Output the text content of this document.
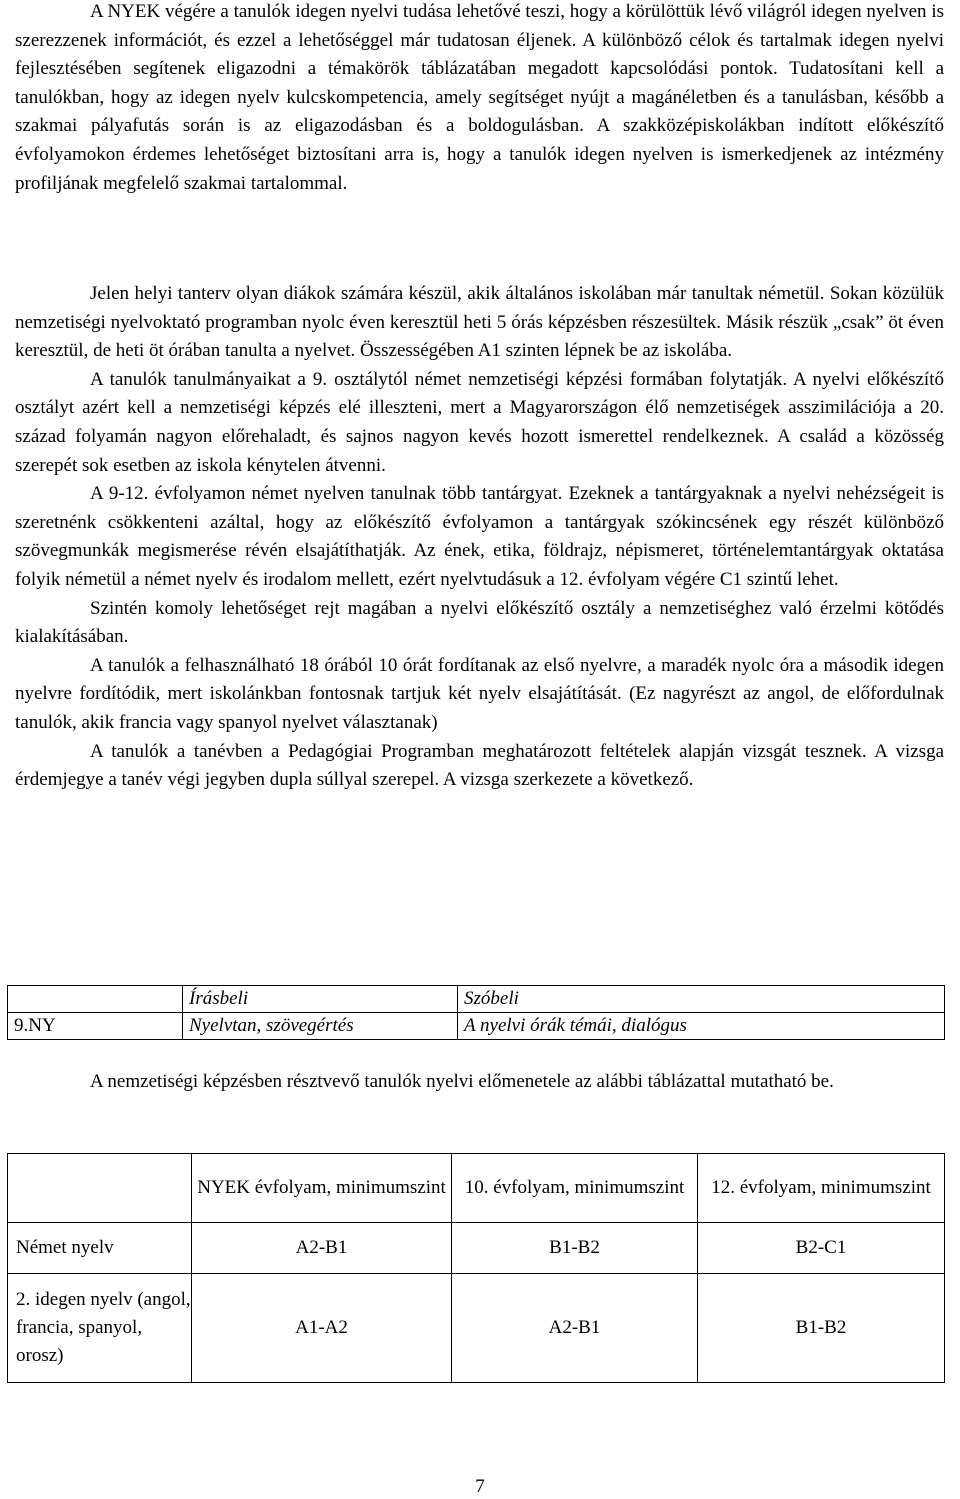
A NYEK végére a tanulók idegen nyelvi tudása lehetővé teszi, hogy a körülöttük lévő világról idegen nyelven is szerezzenek információt, és ezzel a lehetőséggel már tudatosan éljenek. A különböző célok és tartalmak idegen nyelvi fejlesztésében segítenek eligazodni a témakörök táblázatában megadott kapcsolódási pontok. Tudatosítani kell a tanulókban, hogy az idegen nyelv kulcskompetencia, amely segítséget nyújt a magánéletben és a tanulásban, később a szakmai pályafutás során is az eligazodásban és a boldogulásban. A szakközépiskolákban indított előkészítő évfolyamokon érdemes lehetőséget biztosítani arra is, hogy a tanulók idegen nyelven is ismerkedjenek az intézmény profiljának megfelelő szakmai tartalommal.

Jelen helyi tanterv olyan diákok számára készül, akik általános iskolában már tanultak németül. Sokan közülük nemzetiségi nyelvoktató programban nyolc éven keresztül heti 5 órás képzésben részesültek. Másik részük „csak” öt éven keresztül, de heti öt órában tanulta a nyelvet. Összességében A1 szinten lépnek be az iskolába.

A tanulók tanulmányaikat a 9. osztálytól német nemzetiségi képzési formában folytatják. A nyelvi előkészítő osztályt azért kell a nemzetiségi képzés elé illeszteni, mert a Magyarországon élő nemzetiségek asszimilációja a 20. század folyamán nagyon előrehaladt, és sajnos nagyon kevés hozott ismerettel rendelkeznek. A család a közösség szerepét sok esetben az iskola kénytelen átvenni.

A 9-12. évfolyamon német nyelven tanulnak több tantárgyat. Ezeknek a tantárgyaknak a nyelvi nehézségeit is szeretnénk csökkenteni azáltal, hogy az előkészítő évfolyamon a tantárgyak szókincsének egy részét különböző szövegmunkák megismerése révén elsajátíthatják. Az ének, etika, földrajz, népismeret, történelemtantárgyak oktatása folyik németül a német nyelv és irodalom mellett, ezért nyelvtudásuk a 12. évfolyam végére C1 szintű lehet.

Szintén komoly lehetőséget rejt magában a nyelvi előkészítő osztály a nemzetiséghez való érzelmi kötődés kialakításában.

A tanulók a felhasználható 18 órából 10 órát fordítanak az első nyelvre, a maradék nyolc óra a második idegen nyelvre fordítódik, mert iskolánkban fontosnak tartjuk két nyelv elsajátítását. (Ez nagyrészt az angol, de előfordulnak tanulók, akik francia vagy spanyol nyelvet választanak)

A tanulók a tanévben a Pedagógiai Programban meghatározott feltételek alapján vizsgát tesznek. A vizsga érdemjegye a tanév végi jegyben dupla súllyal szerepel. A vizsga szerkezete a következő.

	Írásbeli	Szóbeli
9.NY	Nyelvtan, szövegértés	A nyelvi órák témái, dialógus

A nemzetiségi képzésben résztvevő tanulók nyelvi előmenetele az alábbi táblázattal mutatható be.

	NYEK évfolyam, minimumszint	10. évfolyam, minimumszint	12. évfolyam, minimumszint
Német nyelv	A2-B1	B1-B2	B2-C1
2. idegen nyelv (angol, francia, spanyol, orosz)	A1-A2	A2-B1	B1-B2
7
